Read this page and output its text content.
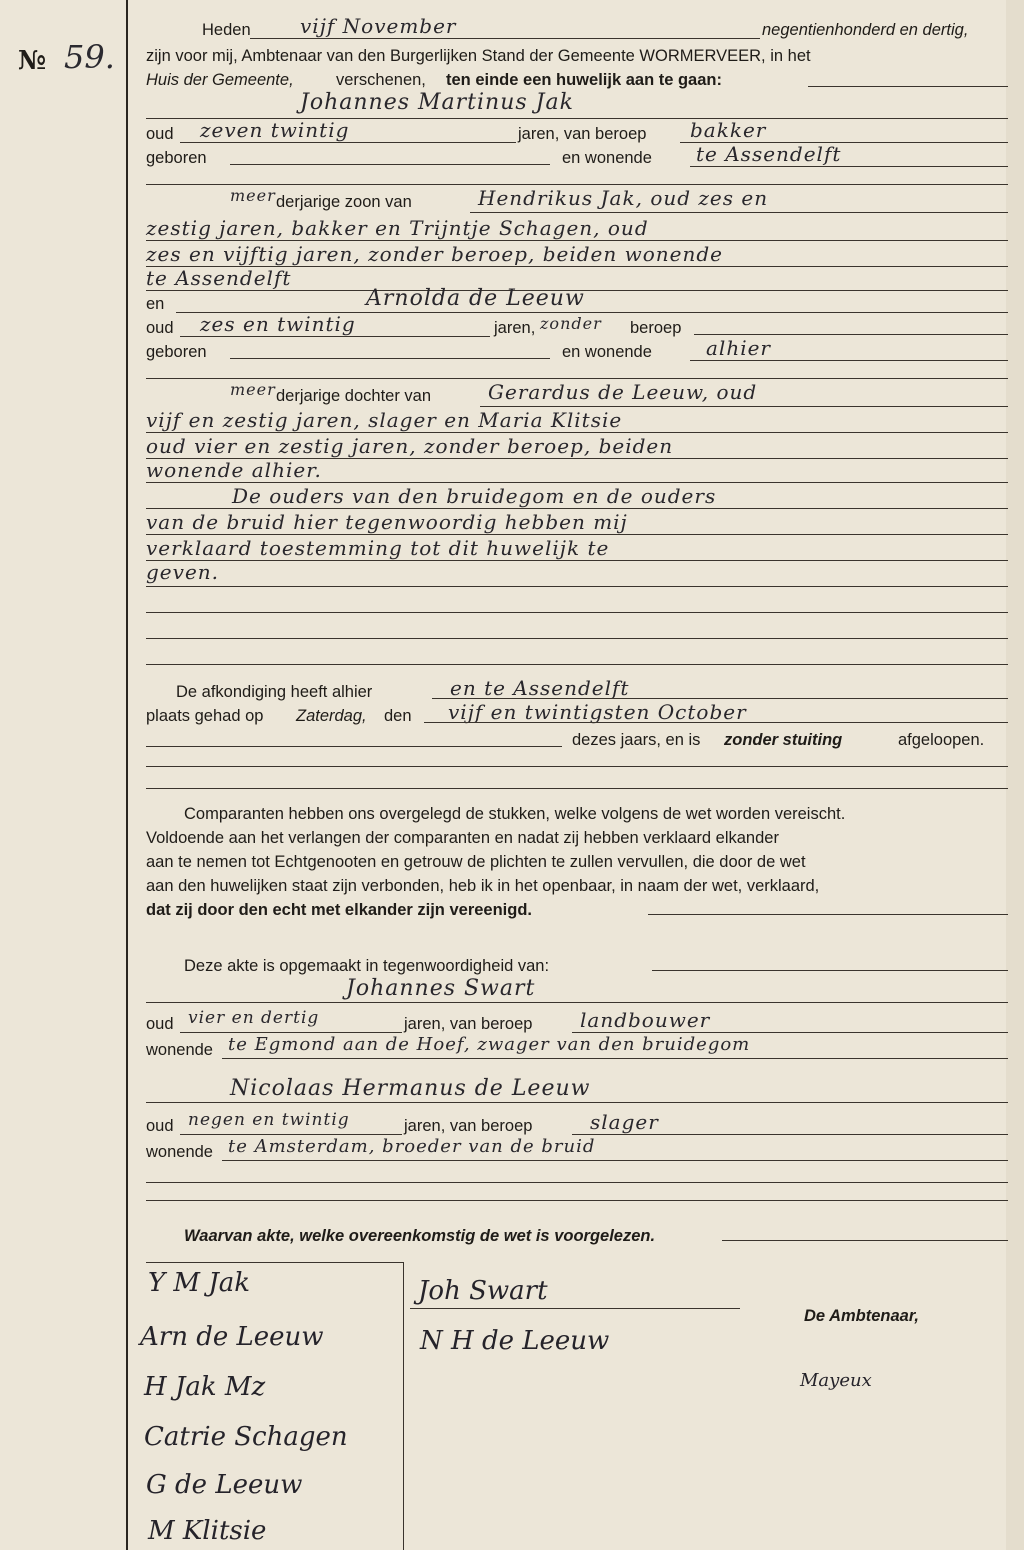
№ 59.
Heden vijf November	negentienhonderd en dertig,
zijn voor mij, Ambtenaar van den Burgerlijken Stand der Gemeente WORMERVEER, in het
Huis der Gemeente,	verschenen, ten einde een huwelijk aan te gaan:
Johannes Martinus Jak
oud zeven twintig	jaren, van beroep bakker
geboren	en wonende te Assendelft
meer derjarige zoon van	Hendrikus Jak, oud zes en
zestig jaren, bakker en Trijntje Schagen, oud
zes en vijftig jaren, zonder beroep, beiden wonende
te Assendelft
en	Arnolda de Leeuw
oud zes en twintig	jaren, zonder beroep
geboren	en wonende	alhier
meer derjarige dochter van	Gerardus de Leeuw, oud
vijf en zestig jaren, slager en Maria Klitsie
oud vier en zestig jaren, zonder beroep, beiden
wonende alhier.
De ouders van den bruidegom en de ouders
van de bruid hier tegenwoordig hebben mij
verklaard toestemming tot dit huwelijk te
geven.
De afkondiging heeft alhier	en te Assendelft
plaats gehad op Zaterdag, den vijf en twintigsten October
dezes jaars, en is zonder stuiting	afgeloopen.
Comparanten hebben ons overgelegd de stukken, welke volgens de wet worden vereischt.
Voldoende aan het verlangen der comparanten en nadat zij hebben verklaard elkander
aan te nemen tot Echtgenooten en getrouw de plichten te zullen vervullen, die door de wet
aan den huwelijken staat zijn verbonden, heb ik in het openbaar, in naam der wet, verklaard,
dat zij door den echt met elkander zijn vereenigd.
Deze akte is opgemaakt in tegenwoordigheid van:
Johannes Swart
oud vier en dertig	jaren, van beroep landbouwer
wonende te Egmond aan de Hoef, zwager van den bruidegom
Nicolaas Hermanus de Leeuw
oud negen en twintig	jaren, van beroep	slager
wonende te Amsterdam, broeder van de bruid
Waarvan akte, welke overeenkomstig de wet is voorgelezen.
Y M Jak
Arn de Leeuw
H Jak Mz
Catrie Schagen
G de Leeuw
M Klitsie
Joh Swart
N H de Leeuw
De Ambtenaar,
Mayeux
